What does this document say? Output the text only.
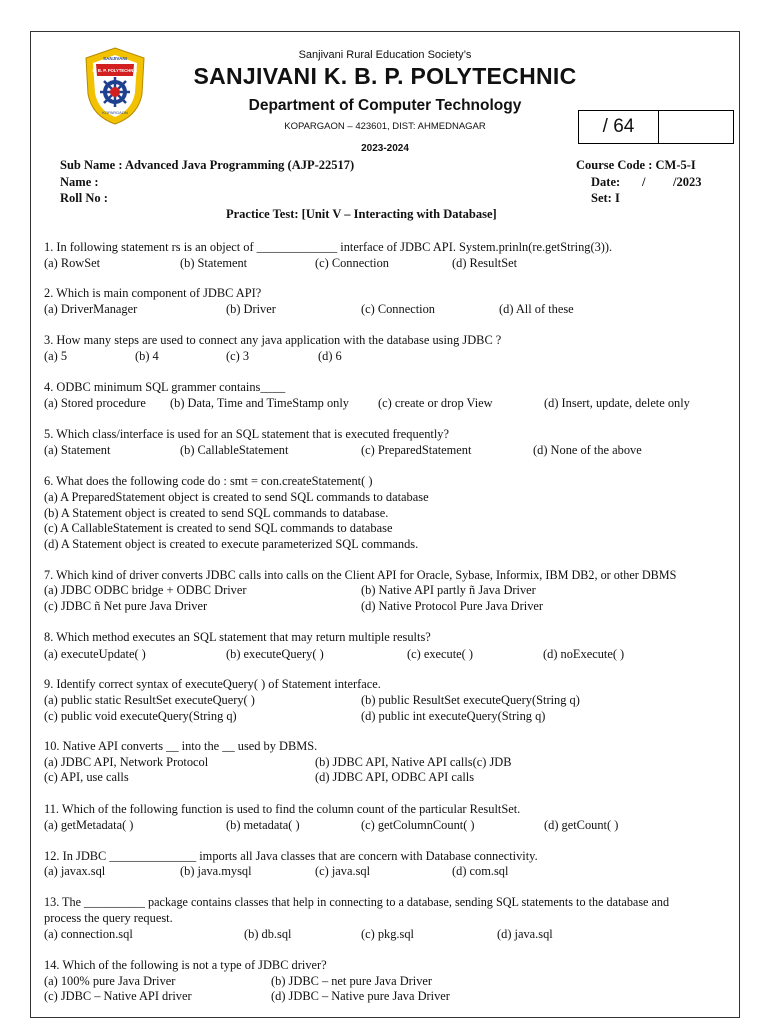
SANJIVANI
K. B. P. POLYTECHNIC
KOPARGAON
Sanjivani Rural Education Society’s
SANJIVANI K. B. P. POLYTECHNIC
Department of Computer Technology
KOPARGAON – 423601, DIST: AHMEDNAGAR
2023-2024
/ 64
Sub Name : Advanced Java Programming (AJP-22517)
Name :
Roll No :
Course Code : CM-5-I
Date: / /2023
Set: I
Practice Test: [Unit V – Interacting with Database]
1. In following statement rs is an object of _____________ interface of JDBC API. System.prinln(re.getString(3)).
(a) RowSet	(b) Statement	(c) Connection	(d) ResultSet
2. Which is main component of JDBC API?
(a) DriverManager	(b) Driver	(c) Connection	(d) All of these
3. How many steps are used to connect any java application with the database using JDBC ?
(a) 5	(b) 4	(c) 3	(d) 6
4. ODBC minimum SQL grammer contains____
(a) Stored procedure (b) Data, Time and TimeStamp only (c) create or drop View	(d) Insert, update, delete only
5. Which class/interface is used for an SQL statement that is executed frequently?
(a) Statement	(b) CallableStatement	(c) PreparedStatement	(d) None of the above
6. What does the following code do : smt = con.createStatement( )
(a) A PreparedStatement object is created to send SQL commands to database
(b) A Statement object is created to send SQL commands to database.
(c) A CallableStatement is created to send SQL commands to database
(d) A Statement object is created to execute parameterized SQL commands.
7. Which kind of driver converts JDBC calls into calls on the Client API for Oracle, Sybase, Informix, IBM DB2, or other DBMS
(a) JDBC ODBC bridge + ODBC Driver	(b) Native API partly ñ Java Driver
(c) JDBC ñ Net pure Java Driver	(d) Native Protocol Pure Java Driver
8. Which method executes an SQL statement that may return multiple results?
(a) executeUpdate( )	(b) executeQuery( )	(c) execute( )	(d) noExecute( )
9. Identify correct syntax of executeQuery( ) of Statement interface.
(a) public static ResultSet executeQuery( )	(b) public ResultSet executeQuery(String q)
(c) public void executeQuery(String q)	(d) public int executeQuery(String q)
10. Native API converts __ into the __ used by DBMS.
(a) JDBC API, Network Protocol	(b) JDBC API, Native API calls(c) JDB
(c) API, use calls	(d) JDBC API, ODBC API calls
11. Which of the following function is used to find the column count of the particular ResultSet.
(a) getMetadata( )	(b) metadata( )	(c) getColumnCount( )	(d) getCount( )
12. In JDBC ______________ imports all Java classes that are concern with Database connectivity.
(a) javax.sql	(b) java.mysql	(c) java.sql	(d) com.sql
13. The __________ package contains classes that help in connecting to a database, sending SQL statements to the database and
process the query request.
(a) connection.sql	(b) db.sql	(c) pkg.sql	(d) java.sql
14. Which of the following is not a type of JDBC driver?
(a) 100% pure Java Driver	(b) JDBC – net pure Java Driver
(c) JDBC – Native API driver	(d) JDBC – Native pure Java Driver
